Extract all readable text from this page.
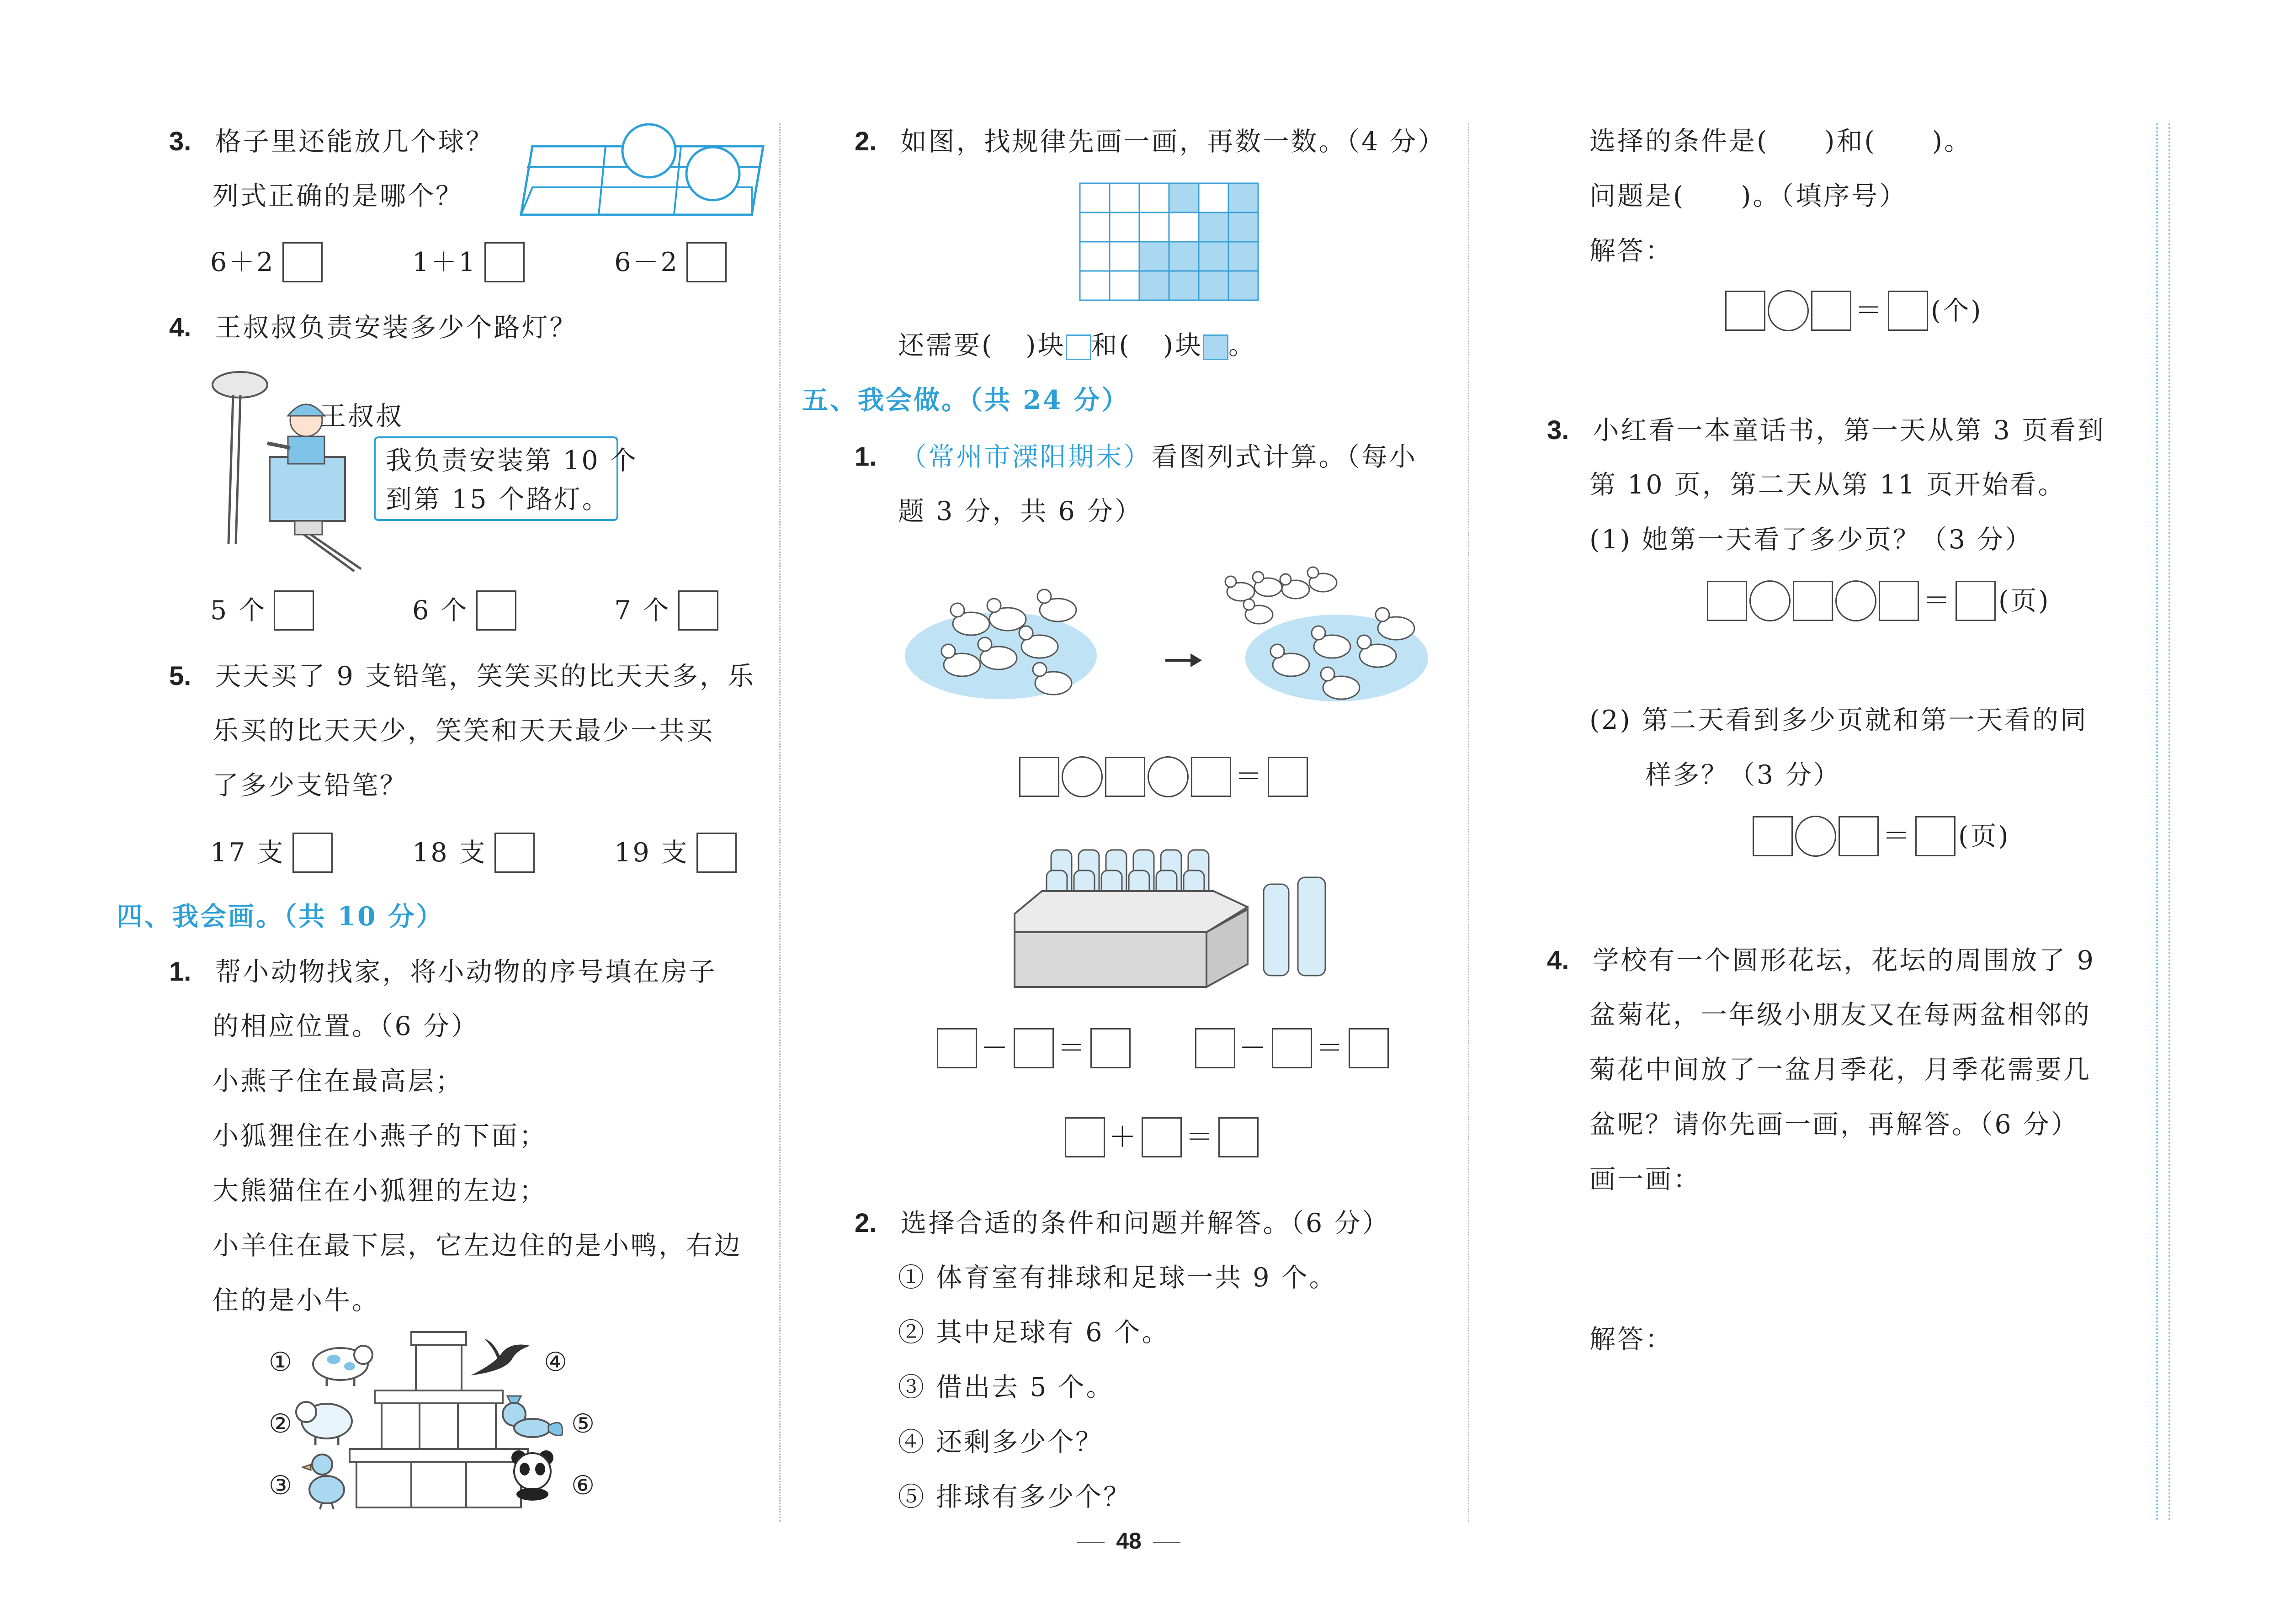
3. 格子里还能放几个球？
列式正确的是哪个？
6＋2
	1＋1
	6－2
4. 王叔叔负责安装多少个路灯？
王叔叔
我负责安装第 10 个
到第 15 个路灯。
5 个
	6 个
	7 个
5. 天天买了 9 支铅笔，笑笑买的比天天多，乐
乐买的比天天少，笑笑和天天最少一共买
了多少支铅笔？
17 支
	18 支
	19 支
四、我会画。（共 10 分）
1. 帮小动物找家，将小动物的序号填在房子
的相应位置。（6 分）
小燕子住在最高层；
小狐狸住在小燕子的下面；
大熊猫住在小狐狸的左边；
小羊住在最下层，它左边住的是小鸭，右边
住的是小牛。
①
②
③
④
⑤
⑥
2. 如图，找规律先画一画，再数一数。（4 分）
还需要( )块 和( )块 。
五、我会做。（共 24 分）
1. （常州市溧阳期末）看图列式计算。（每小
题 3 分，共 6 分）
＝
－ ＝	－ ＝
＋ ＝
2. 选择合适的条件和问题并解答。（6 分）
① 体育室有排球和足球一共 9 个。
② 其中足球有 6 个。
③ 借出去 5 个。
④ 还剩多少个？
⑤ 排球有多少个？
选择的条件是(　　)和(　　)。
问题是(　　)。（填序号）
解答：
＝ (个)
3. 小红看一本童话书，第一天从第 3 页看到
第 10 页，第二天从第 11 页开始看。
(1) 她第一天看了多少页？（3 分）
＝ (页)
(2) 第二天看到多少页就和第一天看的同
样多？（3 分）
＝ (页)
4. 学校有一个圆形花坛，花坛的周围放了 9
盆菊花，一年级小朋友又在每两盆相邻的
菊花中间放了一盆月季花，月季花需要几
盆呢？请你先画一画，再解答。（6 分）
画一画：
解答：
48
